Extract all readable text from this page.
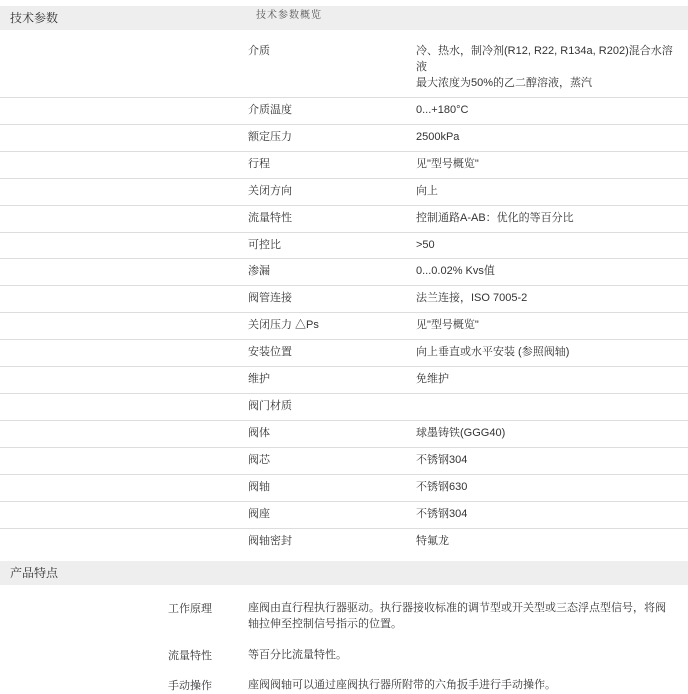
技术参数
介质	冷、热水，制冷剂(R12, R22, R134a, R202)混合水溶液
最大浓度为50%的乙二醇溶液，蒸汽

介质温度	0...+180°C
额定压力	2500kPa
行程	见"型号概览"
关闭方向	向上
流量特性	控制通路A-AB：优化的等百分比
可控比	>50
渗漏	0...0.02% Kvs值
阀管连接	法兰连接，ISO 7005-2
关闭压力 △Ps	见"型号概览"
安装位置	向上垂直或水平安装 (参照阀轴)
维护	免维护
阀门材质	
阀体	球墨铸铁(GGG40)
阀芯	不锈钢304
阀轴	不锈钢630
阀座	不锈钢304
阀轴密封	特氟龙
产品特点
工作原理	座阀由直行程执行器驱动。执行器接收标准的调节型或开关型或三态浮点型信号，将阀轴拉伸至控制信号指示的位置。
流量特性	等百分比流量特性。
手动操作	座阀阀轴可以通过座阀执行器所附带的六角扳手进行手动操作。
